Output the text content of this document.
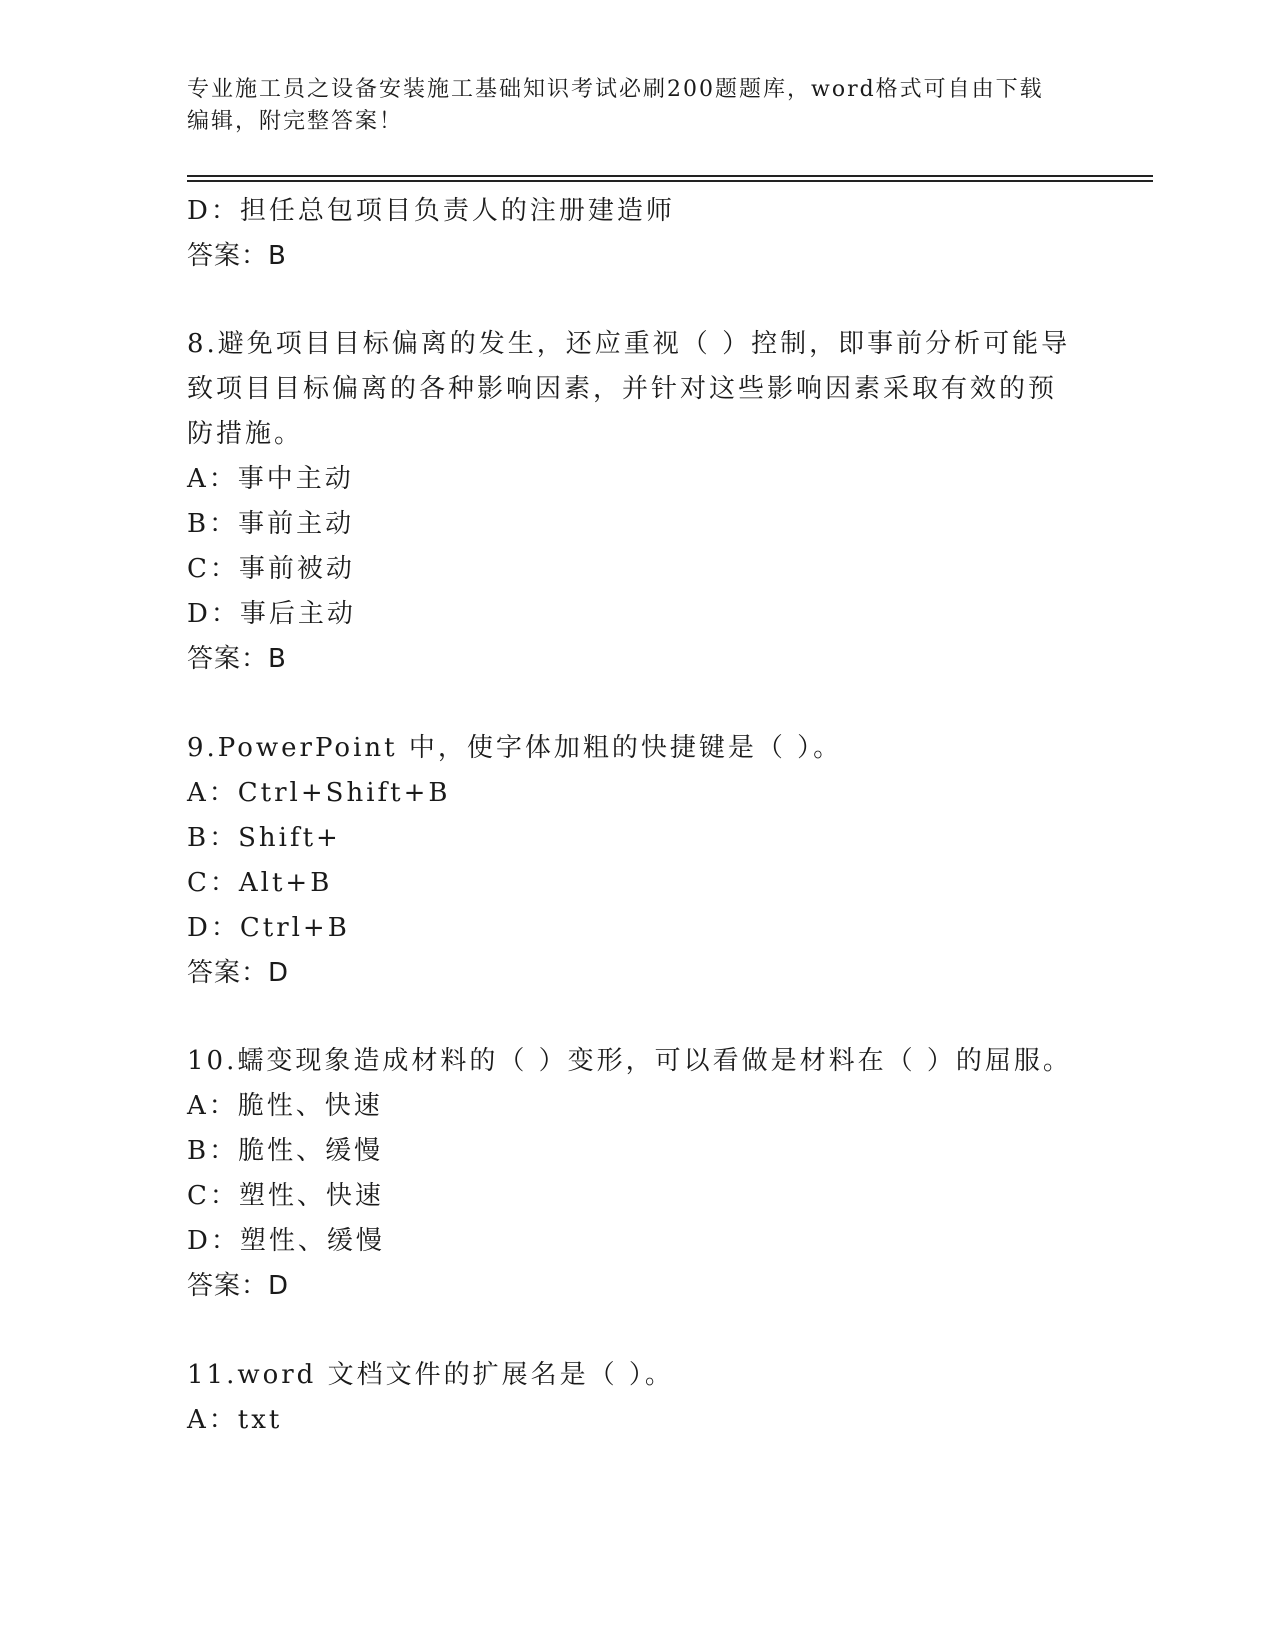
专业施工员之设备安装施工基础知识考试必刷200题题库，word格式可自由下载
编辑，附完整答案！
D：担任总包项目负责人的注册建造师
答案：B
8.避免项目目标偏离的发生，还应重视（ ）控制，即事前分析可能导
致项目目标偏离的各种影响因素，并针对这些影响因素采取有效的预
防措施。
A：事中主动
B：事前主动
C：事前被动
D：事后主动
答案：B
9.PowerPoint 中，使字体加粗的快捷键是（ ）。
A：Ctrl+Shift+B
B：Shift+
C：Alt+B
D：Ctrl+B
答案：D
10.蠕变现象造成材料的（ ）变形，可以看做是材料在（ ）的屈服。
A：脆性、快速
B：脆性、缓慢
C：塑性、快速
D：塑性、缓慢
答案：D
11.word 文档文件的扩展名是（ ）。
A：txt
